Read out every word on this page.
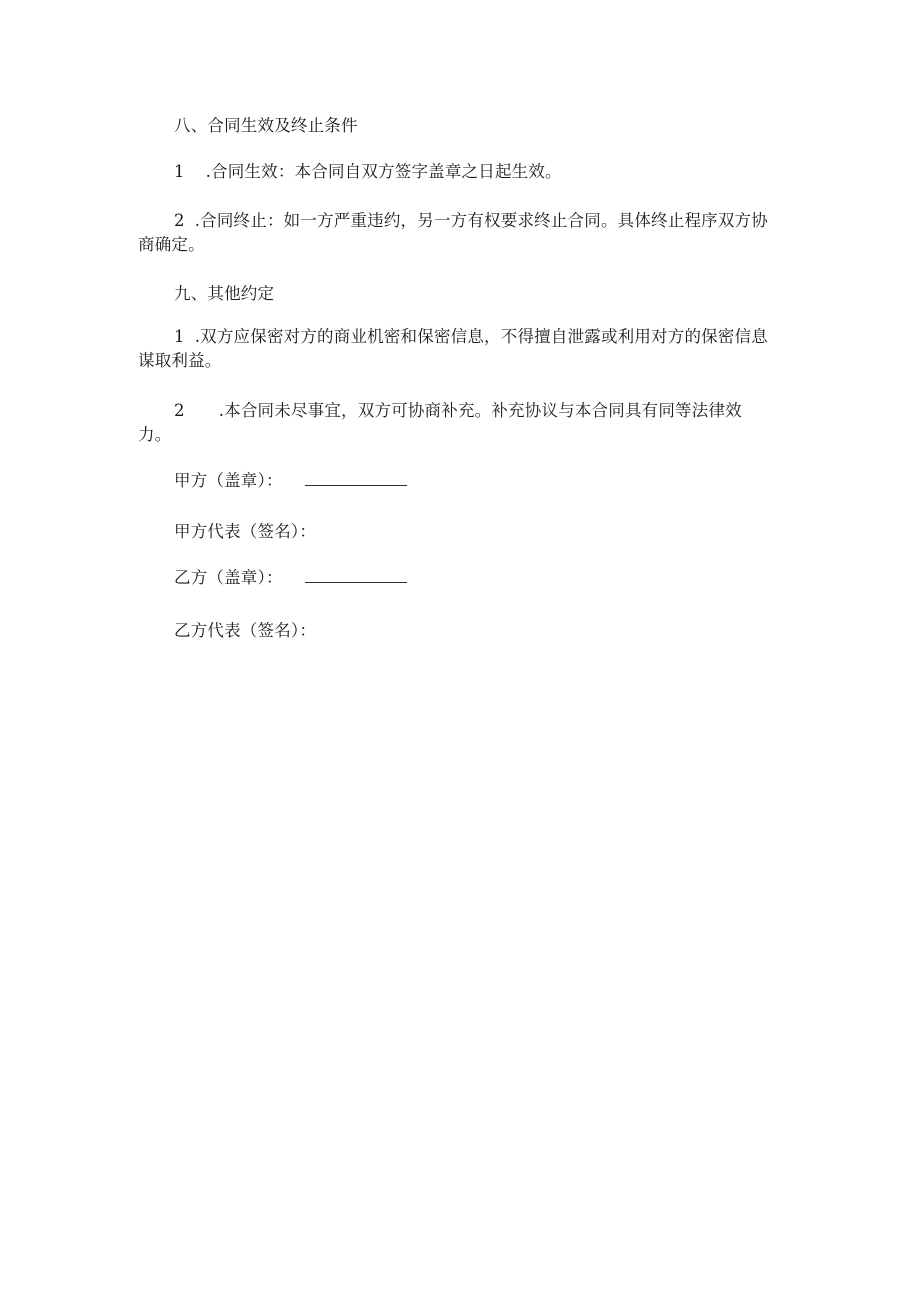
八、合同生效及终止条件
1 .合同生效：本合同自双方签字盖章之日起生效。
2 .合同终止：如一方严重违约，另一方有权要求终止合同。具体终止程序双方协
商确定。
九、其他约定
1 .双方应保密对方的商业机密和保密信息，不得擅自泄露或利用对方的保密信息
谋取利益。
2 .本合同未尽事宜，双方可协商补充。补充协议与本合同具有同等法律效
力。
甲方（盖章）：
甲方代表（签名）：
乙方（盖章）：
乙方代表（签名）：
